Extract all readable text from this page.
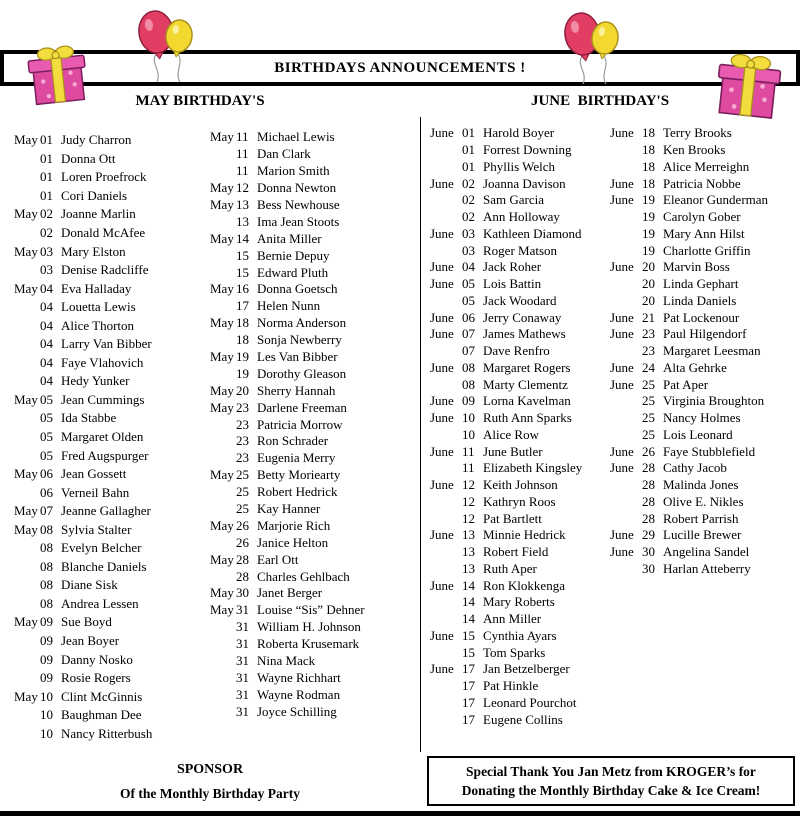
BIRTHDAYS ANNOUNCEMENTS !
MAY BIRTHDAY'S	JUNE  BIRTHDAY'S
May 01 Judy Charron
01 Donna Ott
01 Loren Proefrock
01 Cori Daniels
May 02 Joanne Marlin
02 Donald McAfee
May 03 Mary Elston
03 Denise Radcliffe
May 04 Eva Halladay
04 Louetta Lewis
04 Alice Thorton
04 Larry Van Bibber
04 Faye Vlahovich
04 Hedy Yunker
May 05 Jean Cummings
05 Ida Stabbe
05 Margaret Olden
05 Fred Augspurger
May 06 Jean Gossett
06 Verneil Bahn
May 07 Jeanne Gallagher
May 08 Sylvia Stalter
08 Evelyn Belcher
08 Blanche Daniels
08 Diane Sisk
08 Andrea Lessen
May 09 Sue Boyd
09 Jean Boyer
09 Danny Nosko
09 Rosie Rogers
May 10 Clint McGinnis
10 Baughman Dee
10 Nancy Ritterbush
May 11 Michael Lewis
11 Dan Clark
11 Marion Smith
May 12 Donna Newton
May 13 Bess Newhouse
13 Ima Jean Stoots
May 14 Anita Miller
15 Bernie Depuy
15 Edward Pluth
May 16 Donna Goetsch
17 Helen Nunn
May 18 Norma Anderson
18 Sonja Newberry
May 19 Les Van Bibber
19 Dorothy Gleason
May 20 Sherry Hannah
May 23 Darlene Freeman
23 Patricia Morrow
23 Ron Schrader
23 Eugenia Merry
May 25 Betty Moriearty
25 Robert Hedrick
25 Kay Hanner
May 26 Marjorie Rich
26 Janice Helton
May 28 Earl Ott
28 Charles Gehlbach
May 30 Janet Berger
May 31 Louise “Sis” Dehner
31 William H. Johnson
31 Roberta Krusemark
31 Nina Mack
31 Wayne Richhart
31 Wayne Rodman
31 Joyce Schilling
June 01 Harold Boyer
01 Forrest Downing
01 Phyllis Welch
June 02 Joanna Davison
02 Sam Garcia
02 Ann Holloway
June 03 Kathleen Diamond
03 Roger Matson
June 04 Jack Roher
June 05 Lois Battin
05 Jack Woodard
June 06 Jerry Conaway
June 07 James Mathews
07 Dave Renfro
June 08 Margaret Rogers
08 Marty Clementz
June 09 Lorna Kavelman
June 10 Ruth Ann Sparks
10 Alice Row
June 11 June Butler
11 Elizabeth Kingsley
June 12 Keith Johnson
12 Kathryn Roos
12 Pat Bartlett
June 13 Minnie Hedrick
13 Robert Field
13 Ruth Aper
June 14 Ron Klokkenga
14 Mary Roberts
14 Ann Miller
June 15 Cynthia Ayars
15 Tom Sparks
June 17 Jan Betzelberger
17 Pat Hinkle
17 Leonard Pourchot
17 Eugene Collins
June 18 Terry Brooks
18 Ken Brooks
18 Alice Merreighn
June 18 Patricia Nobbe
June 19 Eleanor Gunderman
19 Carolyn Gober
19 Mary Ann Hilst
19 Charlotte Griffin
June 20 Marvin Boss
20 Linda Gephart
20 Linda Daniels
June 21 Pat Lockenour
June 23 Paul Hilgendorf
23 Margaret Leesman
June 24 Alta Gehrke
June 25 Pat Aper
25 Virginia Broughton
25 Nancy Holmes
25 Lois Leonard
June 26 Faye Stubblefield
June 28 Cathy Jacob
28 Malinda Jones
28 Olive E. Nikles
28 Robert Parrish
June 29 Lucille Brewer
June 30 Angelina Sandel
30 Harlan Atteberry
SPONSOR
Of the Monthly Birthday Party
Special Thank You Jan Metz from KROGER’s for
Donating the Monthly Birthday Cake & Ice Cream!
